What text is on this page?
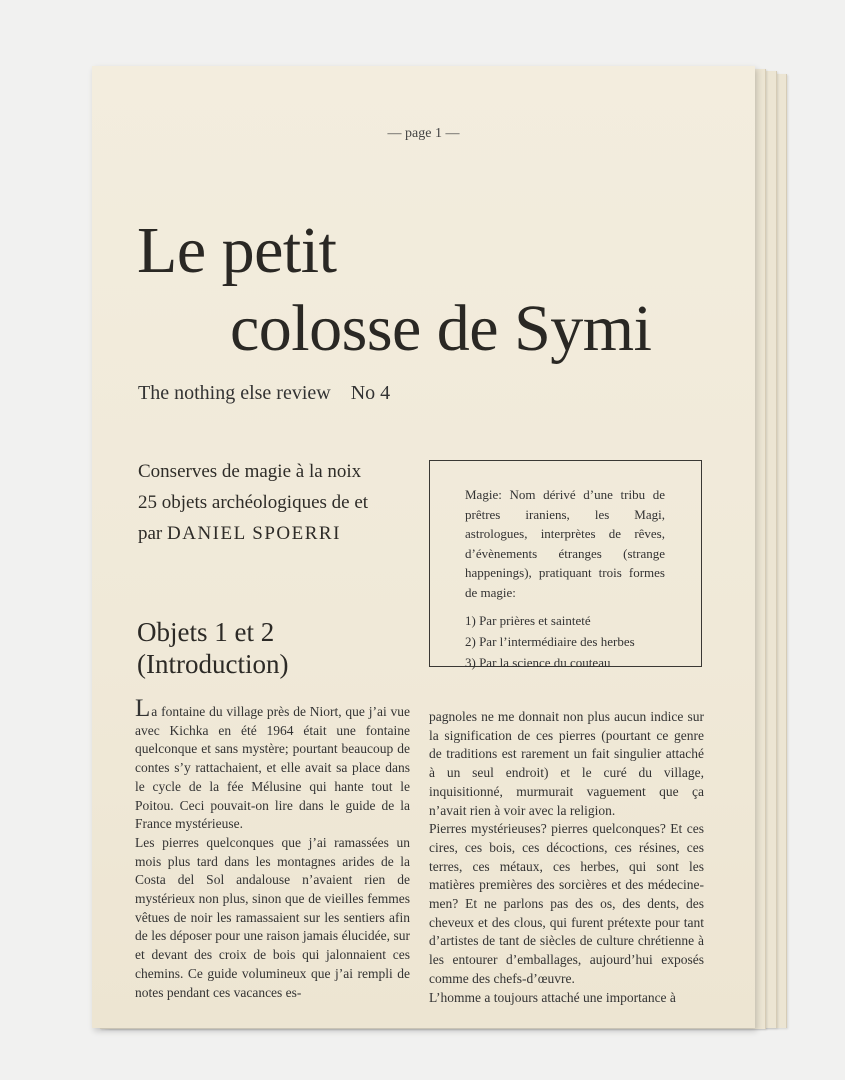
— page 1 —
Le petit
colosse de Symi
The nothing else review No 4
Conserves de magie à la noix
25 objets archéologiques de et
par DANIEL SPOERRI
Magie: Nom dérivé d’une tribu de prêtres iraniens, les Magi, astrologues, interprètes de rêves, d’évènements étranges (strange happenings), pratiquant trois formes de magie:
1) Par prières et sainteté
2) Par l’intermédiaire des herbes
3) Par la science du couteau
Objets 1 et 2
(Introduction)

La fontaine du village près de Niort, que j’ai vue avec Kichka en été 1964 était une fontaine quelconque et sans mystère; pourtant beaucoup de contes s’y rattachaient, et elle avait sa place dans le cycle de la fée Mélusine qui hante tout le Poitou. Ceci pouvait-on lire dans le guide de la France mystérieuse.

Les pierres quelconques que j’ai ramassées un mois plus tard dans les montagnes arides de la Costa del Sol andalouse n’avaient rien de mystérieux non plus, sinon que de vieilles femmes vêtues de noir les ramassaient sur les sentiers afin de les déposer pour une raison jamais élucidée, sur et devant des croix de bois qui jalonnaient ces chemins. Ce guide volumineux que j’ai rempli de notes pendant ces vacances es-

pagnoles ne me donnait non plus aucun indice sur la signification de ces pierres (pourtant ce genre de traditions est rarement un fait singulier attaché à un seul endroit) et le curé du village, inquisitionné, murmurait vaguement que ça n’avait rien à voir avec la religion.

Pierres mystérieuses? pierres quelconques? Et ces cires, ces bois, ces décoctions, ces résines, ces terres, ces métaux, ces herbes, qui sont les matières premières des sorcières et des médecine-men? Et ne parlons pas des os, des dents, des cheveux et des clous, qui furent prétexte pour tant d’artistes de tant de siècles de culture chrétienne à les entourer d’emballages, aujourd’hui exposés comme des chefs-d’œuvre.

L’homme a toujours attaché une importance à
